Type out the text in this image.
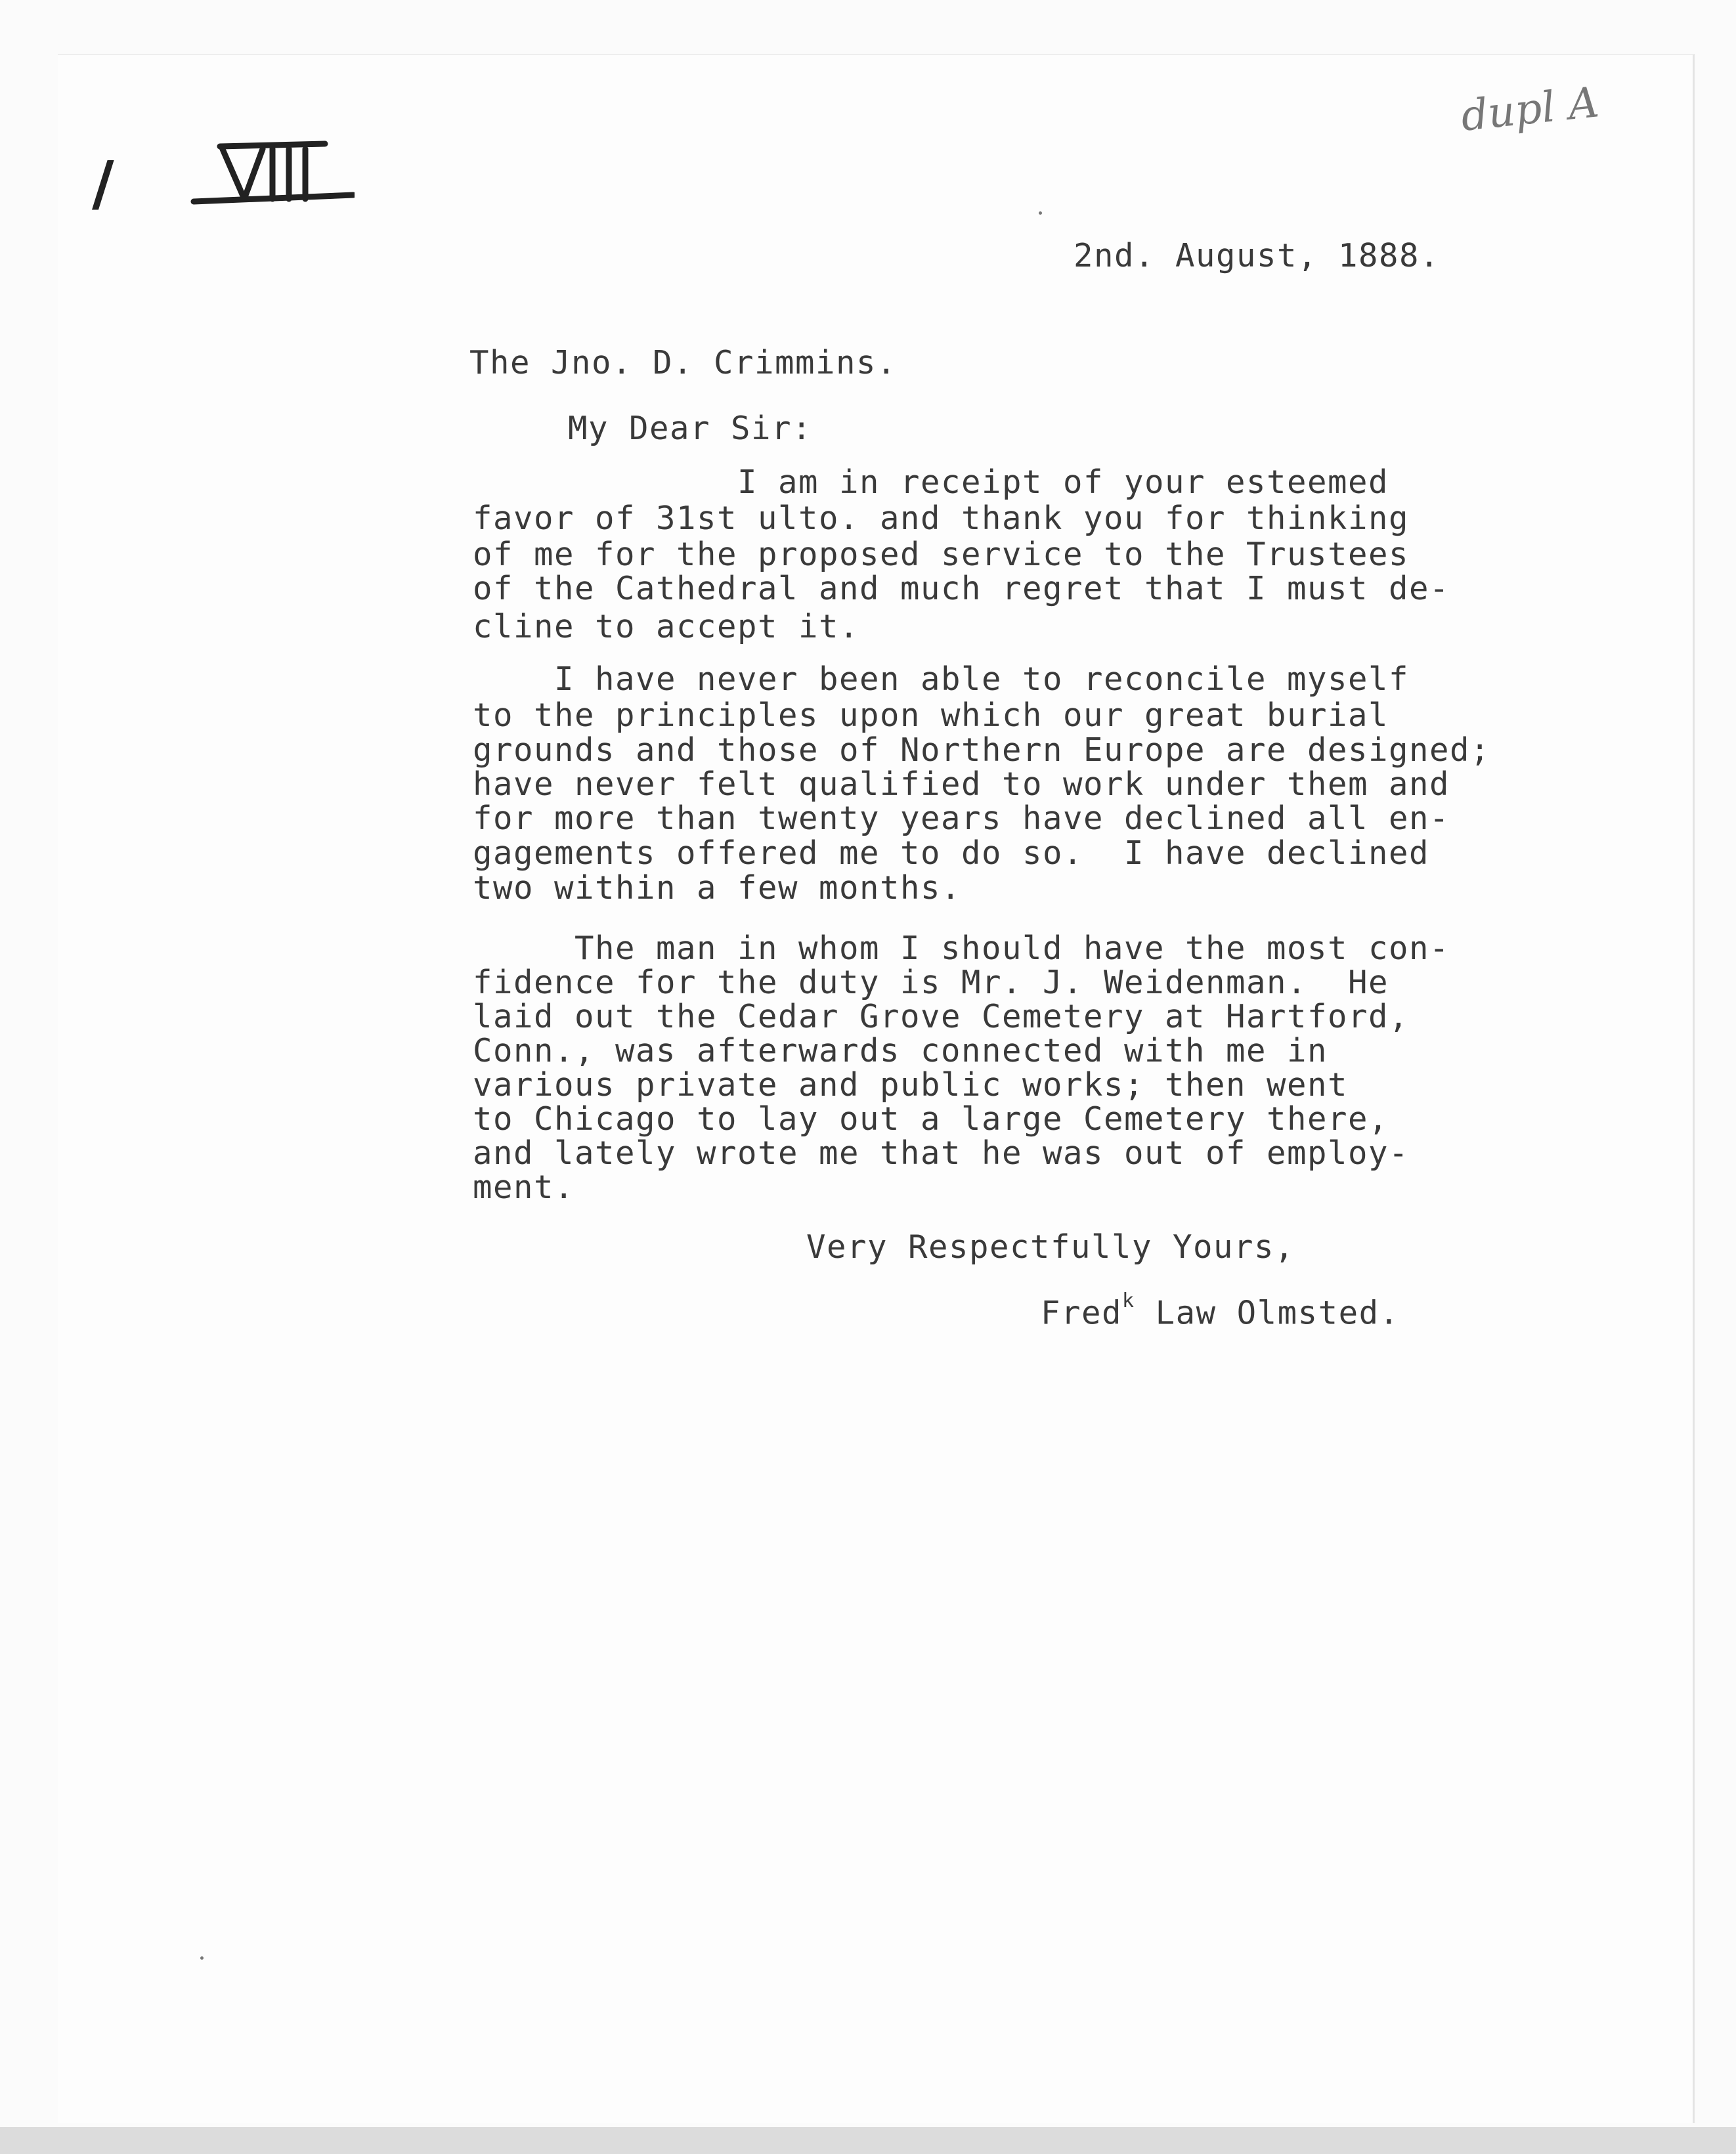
/
dupl A
2nd. August, 1888.
The Jno. D. Crimmins.
My Dear Sir:
I am in receipt of your esteemed
favor of 31st ulto. and thank you for thinking
of me for the proposed service to the Trustees
of the Cathedral and much regret that I must de-
cline to accept it.
I have never been able to reconcile myself
to the principles upon which our great burial
grounds and those of Northern Europe are designed;
have never felt qualified to work under them and
for more than twenty years have declined all en-
gagements offered me to do so.  I have declined
two within a few months.
The man in whom I should have the most con-
fidence for the duty is Mr. J. Weidenman.  He
laid out the Cedar Grove Cemetery at Hartford,
Conn., was afterwards connected with me in
various private and public works; then went
to Chicago to lay out a large Cemetery there,
and lately wrote me that he was out of employ-
ment.
Very Respectfully Yours,
Fred$^k$ Law Olmsted.
